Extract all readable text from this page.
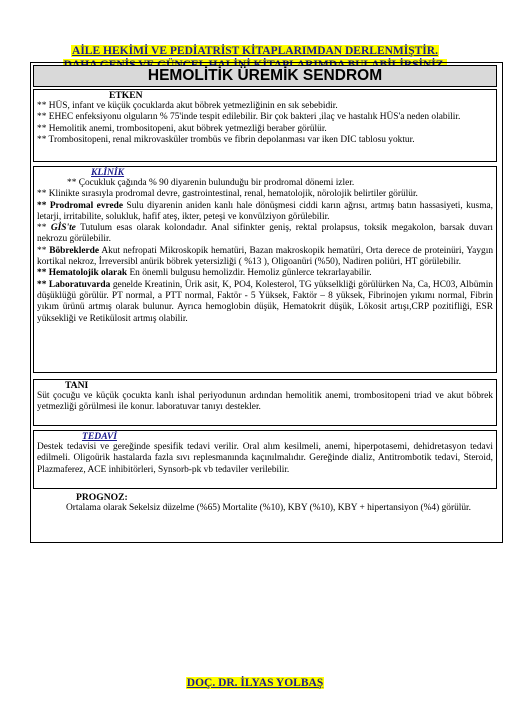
AİLE HEKİMİ VE PEDİATRİST KİTAPLARIMDAN DERLENMİŞTİR.
HEMOLİTİK ÜREMİK SENDROM
ETKEN

** HÜS, infant ve küçük çocuklarda akut böbrek yetmezliğinin en sık sebebidir.

** EHEC enfeksiyonu olguların % 75'inde tespit edilebilir. Bir çok bakteri ,ilaç ve hastalık HÜS'a neden olabilir.

** Hemolitik anemi, trombositopeni, akut böbrek yetmezliği beraber görülür.

** Trombositopeni, renal mikrovasküler trombüs ve fibrin depolanması var iken DIC tablosu yoktur.

KLİNİK

** Çocukluk çağında % 90 diyarenin bulunduğu bir prodromal dönemi izler.

** Klinikte sırasıyla prodromal devre, gastrointestinal, renal, hematolojik, nörolojik belirtiler görülür.

** Prodromal evrede Sulu diyarenin aniden kanlı hale dönüşmesi ciddi karın ağrısı, artmış batın hassasiyeti, kusma, letarji, irritabilite, solukluk, hafif ateş, ikter, peteşi ve konvülziyon görülebilir.

** GİS'te Tutulum esas olarak kolondadır. Anal sifinkter geniş, rektal prolapsus, toksik megakolon, barsak duvarı nekrozu görülebilir.

** Böbreklerde Akut nefropati Mikroskopik hematüri, Bazan makroskopik hematüri, Orta derece de proteinüri, Yaygın kortikal nekroz, İrreversibl anürik böbrek yetersizliği ( %13 ), Oligoanüri (%50), Nadiren poliüri, HT görülebilir.

** Hematolojik olarak En önemli bulgusu hemolizdir. Hemoliz günlerce tekrarlayabilir.

** Laboratuvarda genelde Kreatinin, Ürik asit, K, PO4, Kolesterol, TG yükselkliği görülürken Na, Ca, HC03, Albümin düşüklüğü görülür. PT normal, a PTT normal, Faktör - 5 Yüksek, Faktör – 8 yüksek, Fibrinojen yıkımı normal, Fibrin yıkım ürünü artmış olarak bulunur. Ayrıca hemoglobin düşük, Hematokrit düşük, Lökosit artışı,CRP pozitifliği, ESR yüksekliği ve Retikülosit artmış olabilir.

TANI

Süt çocuğu ve küçük çocukta kanlı ishal periyodunun ardından hemolitik anemi, trombositopeni triad ve akut böbrek yetmezliği görülmesi ile konur. laboratuvar tanıyı destekler.

TEDAVİ

Destek tedavisi ve gereğinde spesifik tedavi verilir. Oral alım kesilmeli, anemi, hiperpotasemi, dehidretasyon tedavi edilmeli. Oligoürik hastalarda fazla sıvı replesmanında kaçınılmalıdır. Gereğinde dializ, Antitrombotik tedavi, Steroid, Plazmaferez, ACE inhibitörleri, Synsorb-pk vb tedaviler verilebilir.

PROGNOZ:

Ortalama olarak Sekelsiz düzelme (%65) Mortalite (%10), KBY (%10), KBY + hipertansiyon (%4) görülür.

DOÇ. DR. İLYAS YOLBAŞ
